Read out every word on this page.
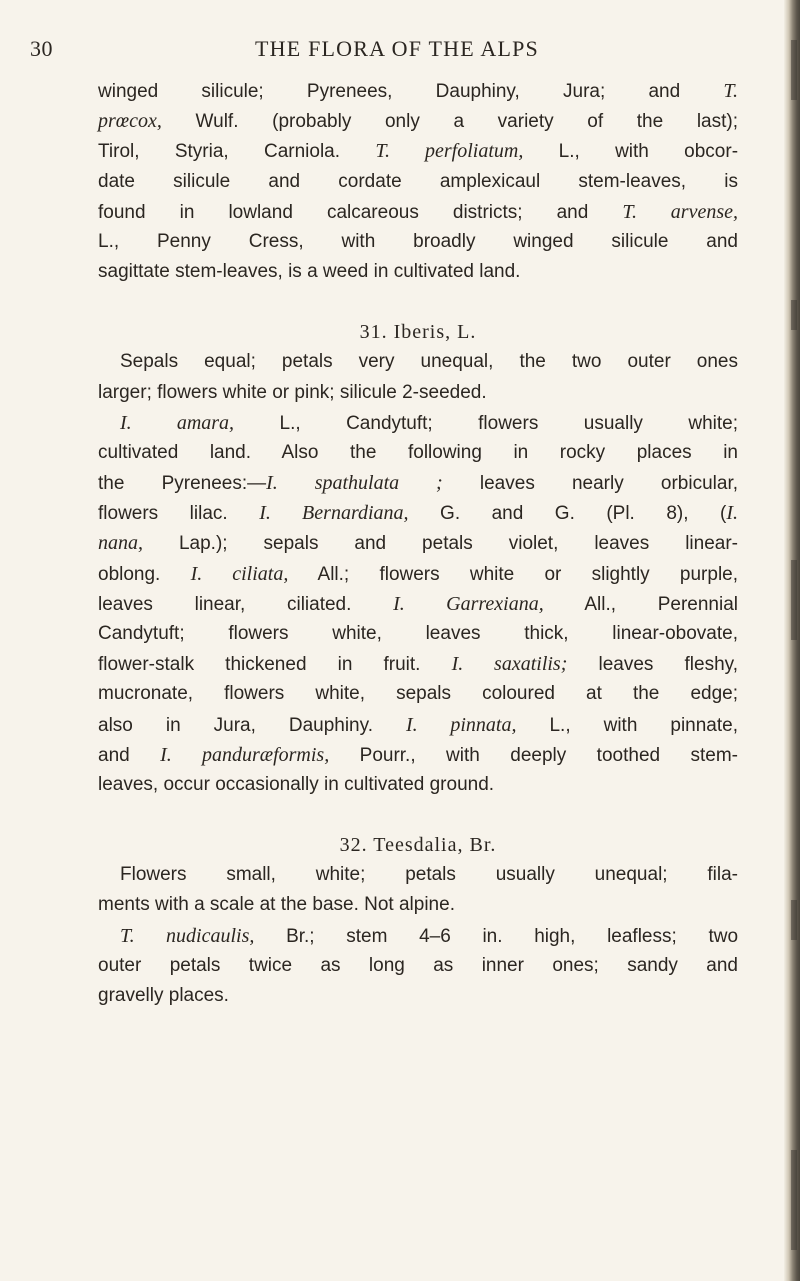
30	THE FLORA OF THE ALPS
winged silicule; Pyrenees, Dauphiny, Jura; and T.
prœcox, Wulf. (probably only a variety of the last);
Tirol, Styria, Carniola. T. perfoliatum, L., with obcor-
date silicule and cordate amplexicaul stem-leaves, is
found in lowland calcareous districts; and T. arvense,
L., Penny Cress, with broadly winged silicule and
sagittate stem-leaves, is a weed in cultivated land.
31. Iberis, L.
Sepals equal; petals very unequal, the two outer ones
larger; flowers white or pink; silicule 2-seeded.
I. amara, L., Candytuft; flowers usually white;
cultivated land. Also the following in rocky places in
the Pyrenees:—I. spathulata ; leaves nearly orbicular,
flowers lilac. I. Bernardiana, G. and G. (Pl. 8), (I.
nana, Lap.); sepals and petals violet, leaves linear-
oblong. I. ciliata, All.; flowers white or slightly purple,
leaves linear, ciliated. I. Garrexiana, All., Perennial
Candytuft; flowers white, leaves thick, linear-obovate,
flower-stalk thickened in fruit. I. saxatilis; leaves fleshy,
mucronate, flowers white, sepals coloured at the edge;
also in Jura, Dauphiny. I. pinnata, L., with pinnate,
and I. panduræformis, Pourr., with deeply toothed stem-
leaves, occur occasionally in cultivated ground.
32. Teesdalia, Br.
Flowers small, white; petals usually unequal; fila-
ments with a scale at the base. Not alpine.
T. nudicaulis, Br.; stem 4–6 in. high, leafless; two
outer petals twice as long as inner ones; sandy and
gravelly places.
